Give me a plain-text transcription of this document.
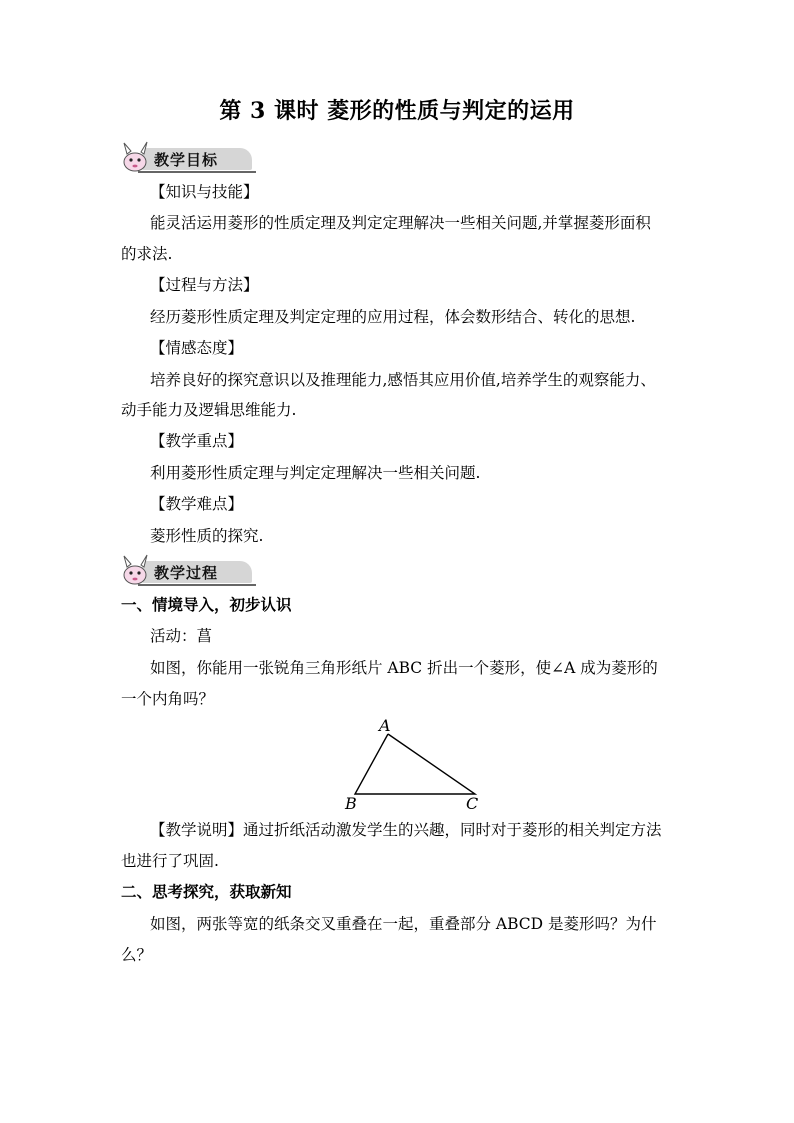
第 3 课时 菱形的性质与判定的运用
教学目标
【知识与技能】
能灵活运用菱形的性质定理及判定定理解决一些相关问题,并掌握菱形面积
的求法.
【过程与方法】
经历菱形性质定理及判定定理的应用过程，体会数形结合、转化的思想.
【情感态度】
培养良好的探究意识以及推理能力,感悟其应用价值,培养学生的观察能力、
动手能力及逻辑思维能力.
【教学重点】
利用菱形性质定理与判定定理解决一些相关问题.
【教学难点】
菱形性质的探究.
教学过程
一、情境导入，初步认识
活动：菖
如图，你能用一张锐角三角形纸片 ABC 折出一个菱形，使∠A 成为菱形的
一个内角吗？
A
B	C
【教学说明】通过折纸活动激发学生的兴趣，同时对于菱形的相关判定方法
也进行了巩固.
二、思考探究，获取新知
如图，两张等宽的纸条交叉重叠在一起，重叠部分 ABCD 是菱形吗？为什
么？
